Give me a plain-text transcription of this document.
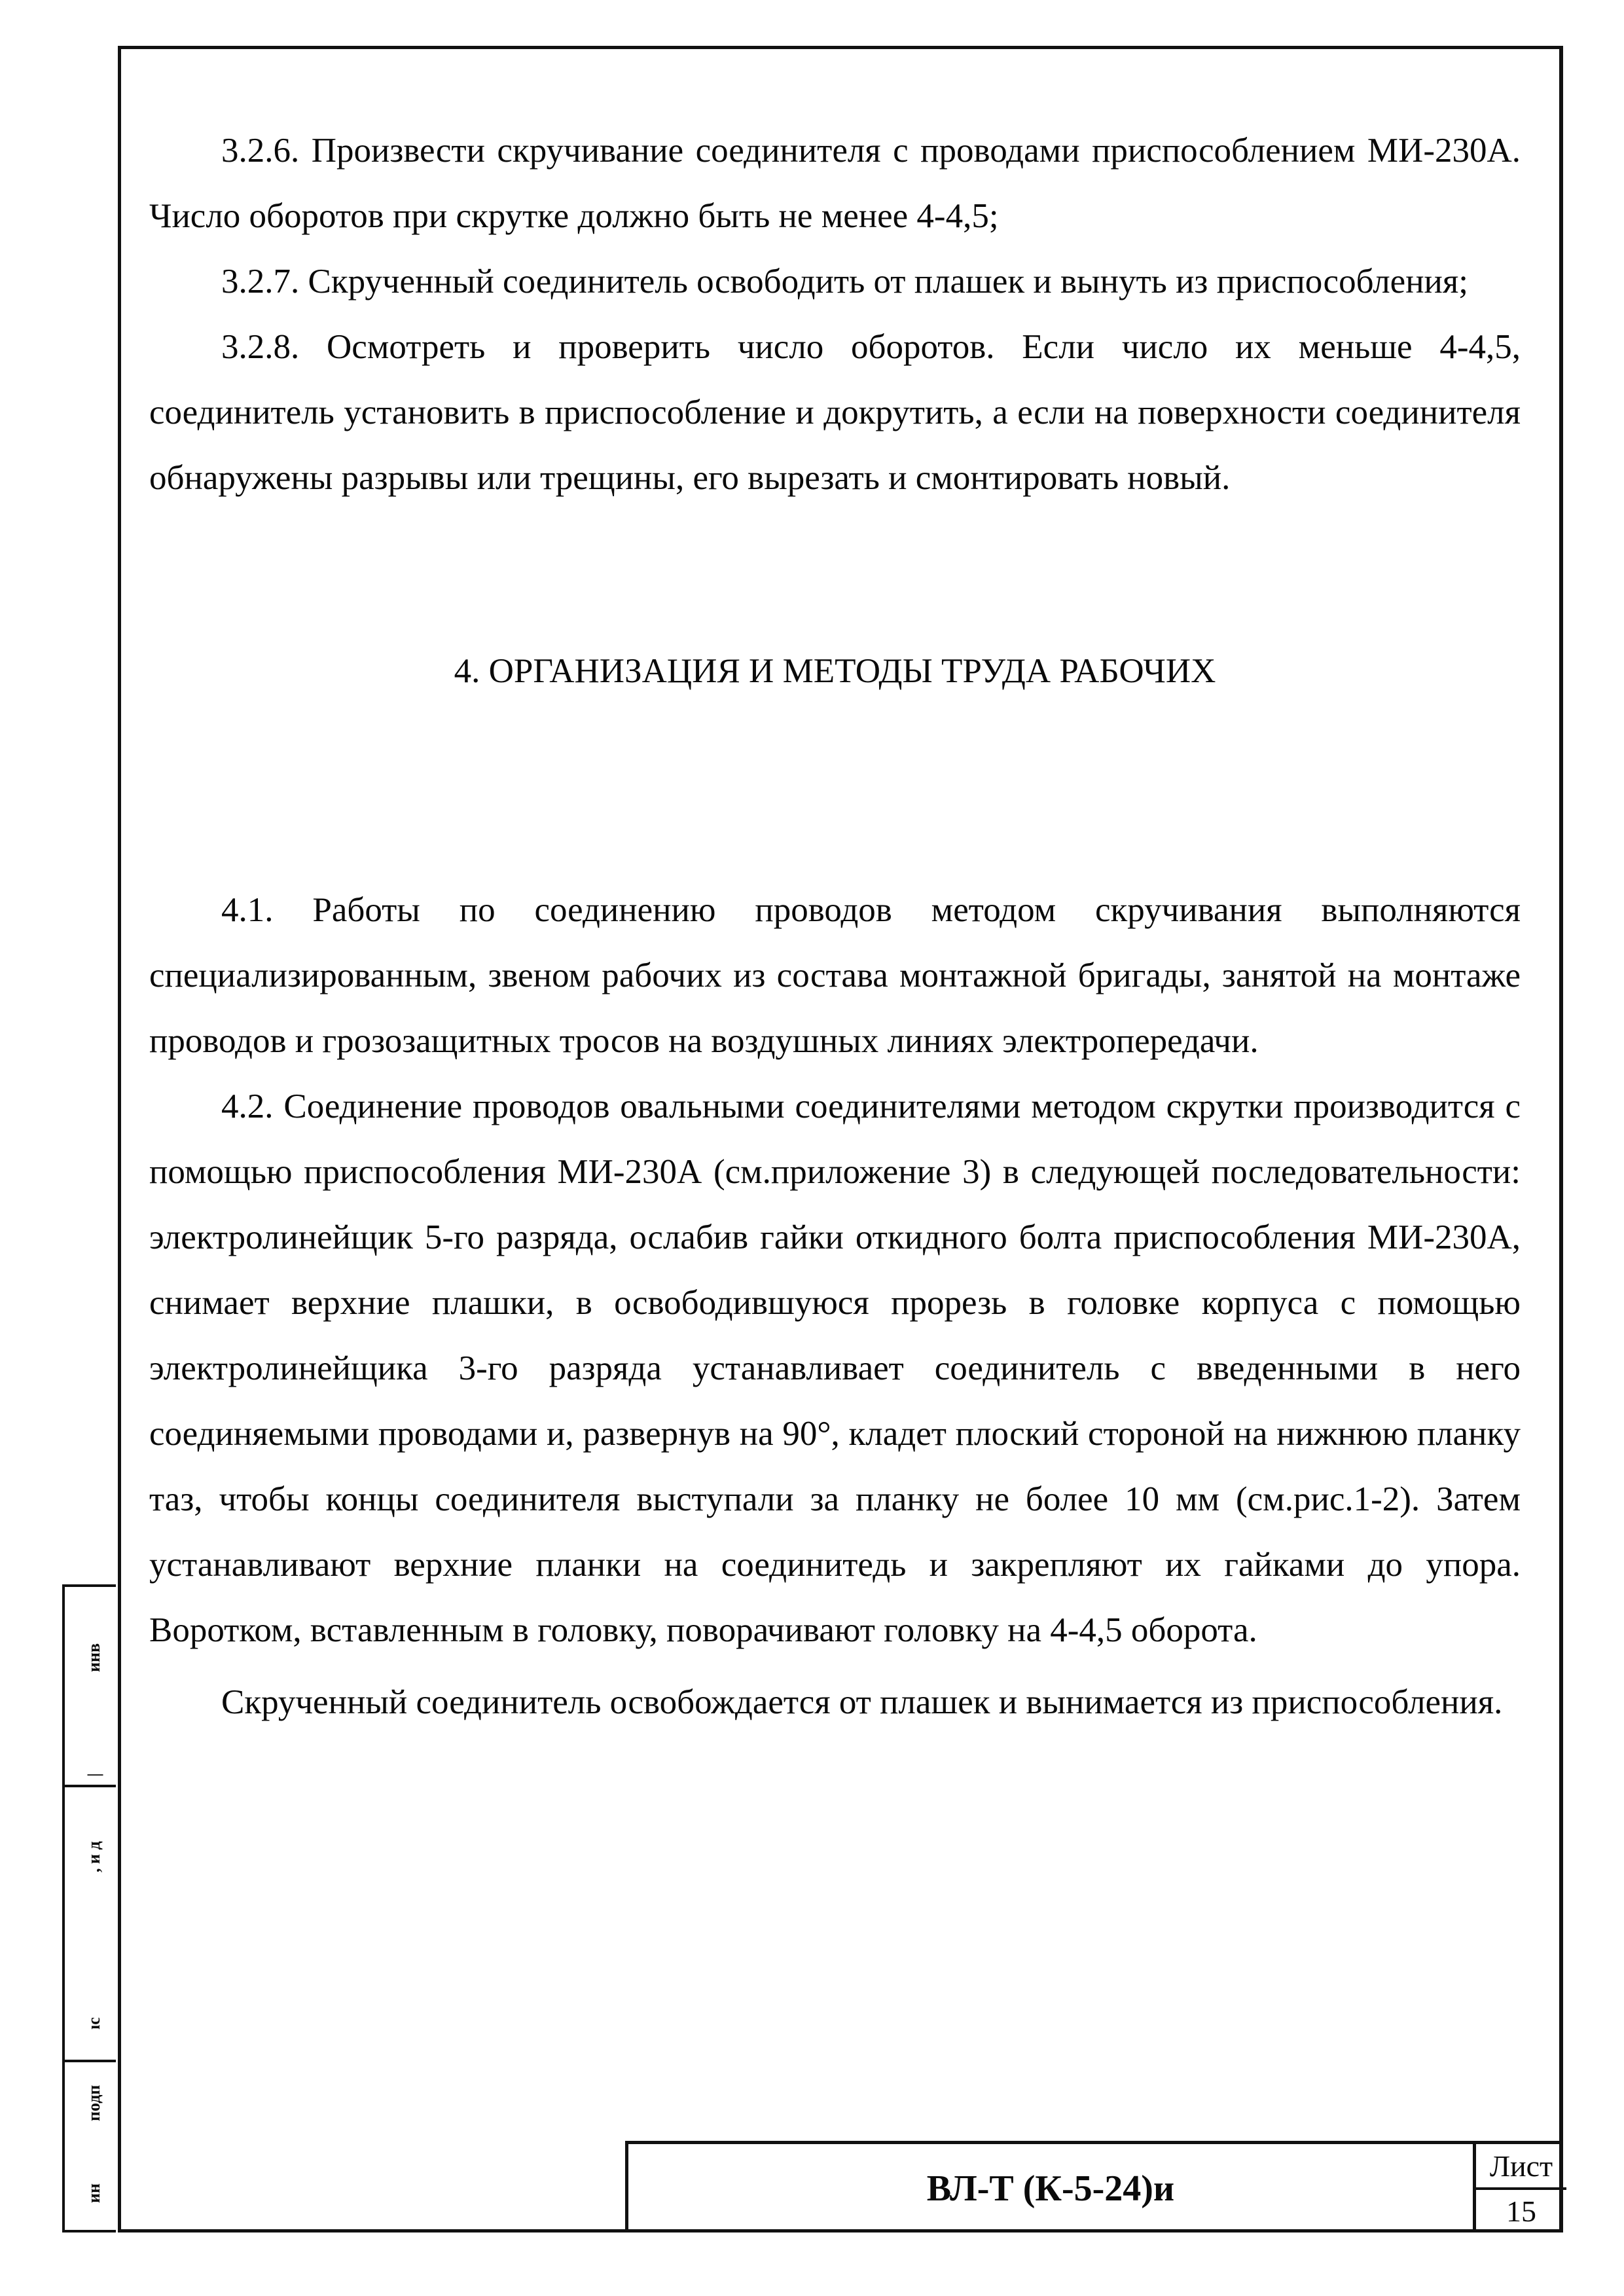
инв
|
, и д
ıc
подп
ин

3.2.6. Произвести скручивание соединителя с проводами приспособлением МИ-230А. Число оборотов при скрутке должно быть не менее 4-4,5;

3.2.7. Скрученный соединитель освободить от плашек и вынуть из приспособления;

3.2.8. Осмотреть и проверить число оборотов. Если число их меньше 4-4,5, соединитель установить в приспособление и докрутить, а если на поверхности соединителя обнаружены разрывы или трещины, его вырезать и смонтировать новый.

4. ОРГАНИЗАЦИЯ И МЕТОДЫ ТРУДА РАБОЧИХ

4.1. Работы по соединению проводов методом скручивания выполняются специализированным, звеном рабочих из состава монтажной бригады, занятой на монтаже проводов и грозозащитных тросов на воздушных линиях электропередачи.

4.2. Соединение проводов овальными соединителями методом скрутки производится с помощью приспособления МИ-230А (см.приложение 3) в следующей последовательности: электролинейщик 5-го разряда, ослабив гайки откидного болта приспособления МИ-230А, снимает верхние плашки, в освободившуюся прорезь в головке корпуса с помощью электролинейщика 3-го разряда устанавливает соединитель с введенными в него соединяемыми проводами и, развернув на 90°, кладет плоский стороной на нижнюю планку таз, чтобы концы соединителя выступали за планку не более 10 мм (см.рис.1-2). Затем устанавливают верхние планки на соединитедь и закрепляют их гайками до упора. Воротком, вставленным в головку, поворачивают головку на 4-4,5 оборота.

Скрученный соединитель освобождается от плашек и вынимается из приспособления.

ВЛ-Т (К-5-24)и
Лист
15
